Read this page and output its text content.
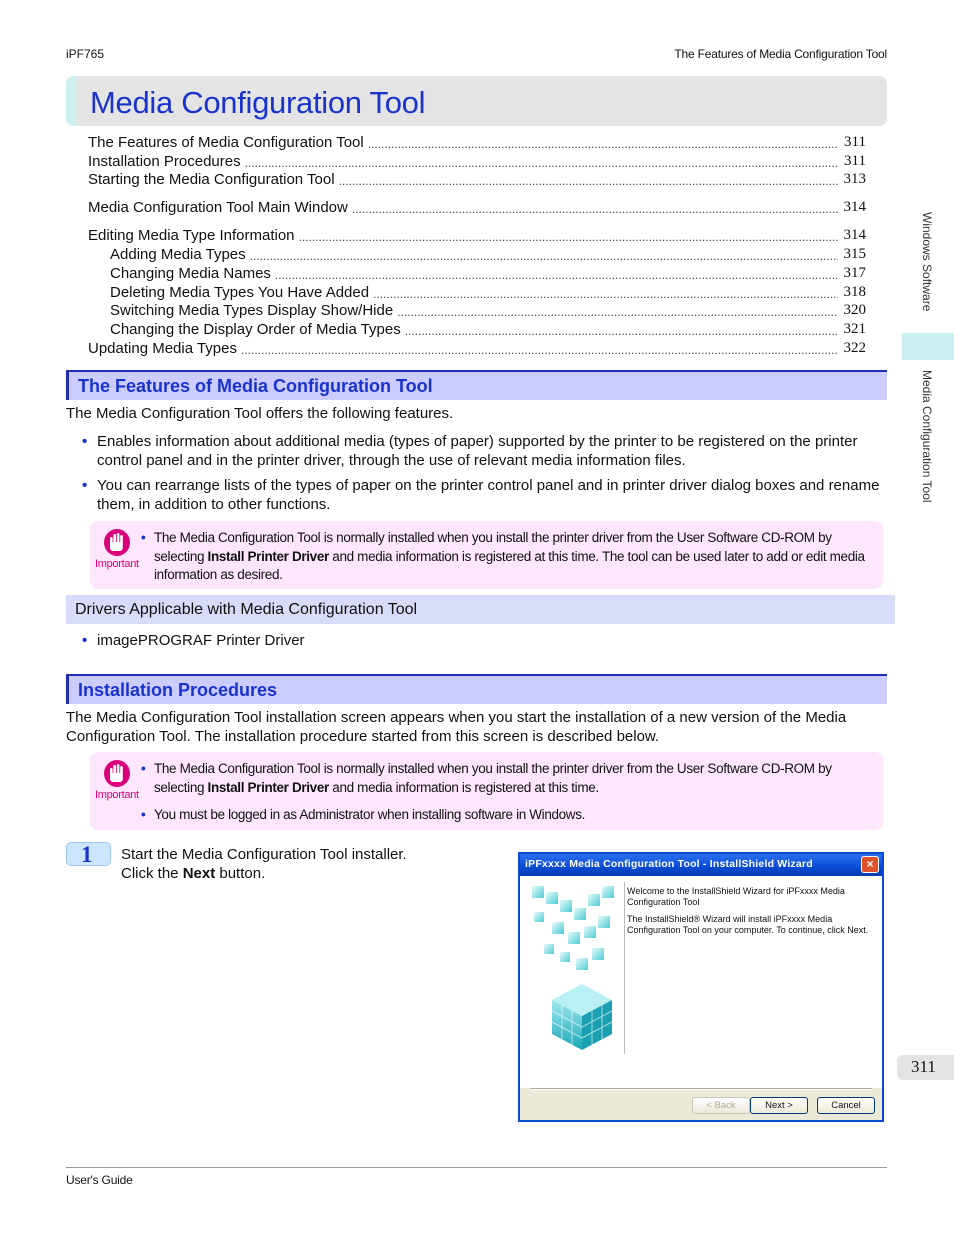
iPF765	The Features of Media Configuration Tool
Media Configuration Tool
The Features of Media Configuration Tool .....	311
Installation Procedures .....	311
Starting the Media Configuration Tool .....	313
Media Configuration Tool Main Window .....	314
Editing Media Type Information .....	314
Adding Media Types .....	315
Changing Media Names .....	317
Deleting Media Types You Have Added .....	318
Switching Media Types Display Show/Hide .....	320
Changing the Display Order of Media Types .....	321
Updating Media Types .....	322
The Features of Media Configuration Tool
The Media Configuration Tool offers the following features.
• Enables information about additional media (types of paper) supported by the printer to be registered on the printer control panel and in the printer driver, through the use of relevant media information files.
• You can rearrange lists of the types of paper on the printer control panel and in printer driver dialog boxes and rename them, in addition to other functions.
Important
• The Media Configuration Tool is normally installed when you install the printer driver from the User Software CD-ROM by selecting Install Printer Driver and media information is registered at this time. The tool can be used later to add or edit media information as desired.
Drivers Applicable with Media Configuration Tool
• imagePROGRAF Printer Driver
Installation Procedures
The Media Configuration Tool installation screen appears when you start the installation of a new version of the Media Configuration Tool. The installation procedure started from this screen is described below.
Important
• The Media Configuration Tool is normally installed when you install the printer driver from the User Software CD-ROM by selecting Install Printer Driver and media information is registered at this time.
• You must be logged in as Administrator when installing software in Windows.
1 Start the Media Configuration Tool installer.
Click the Next button.
iPFxxxx Media Configuration Tool - InstallShield Wizard	×
Welcome to the InstallShield Wizard for iPFxxxx Media Configuration Tool
The InstallShield® Wizard will install iPFxxxx Media Configuration Tool on your computer. To continue, click Next.
< Back	Next >	Cancel
Windows Software
Media Configuration Tool
311
User's Guide
